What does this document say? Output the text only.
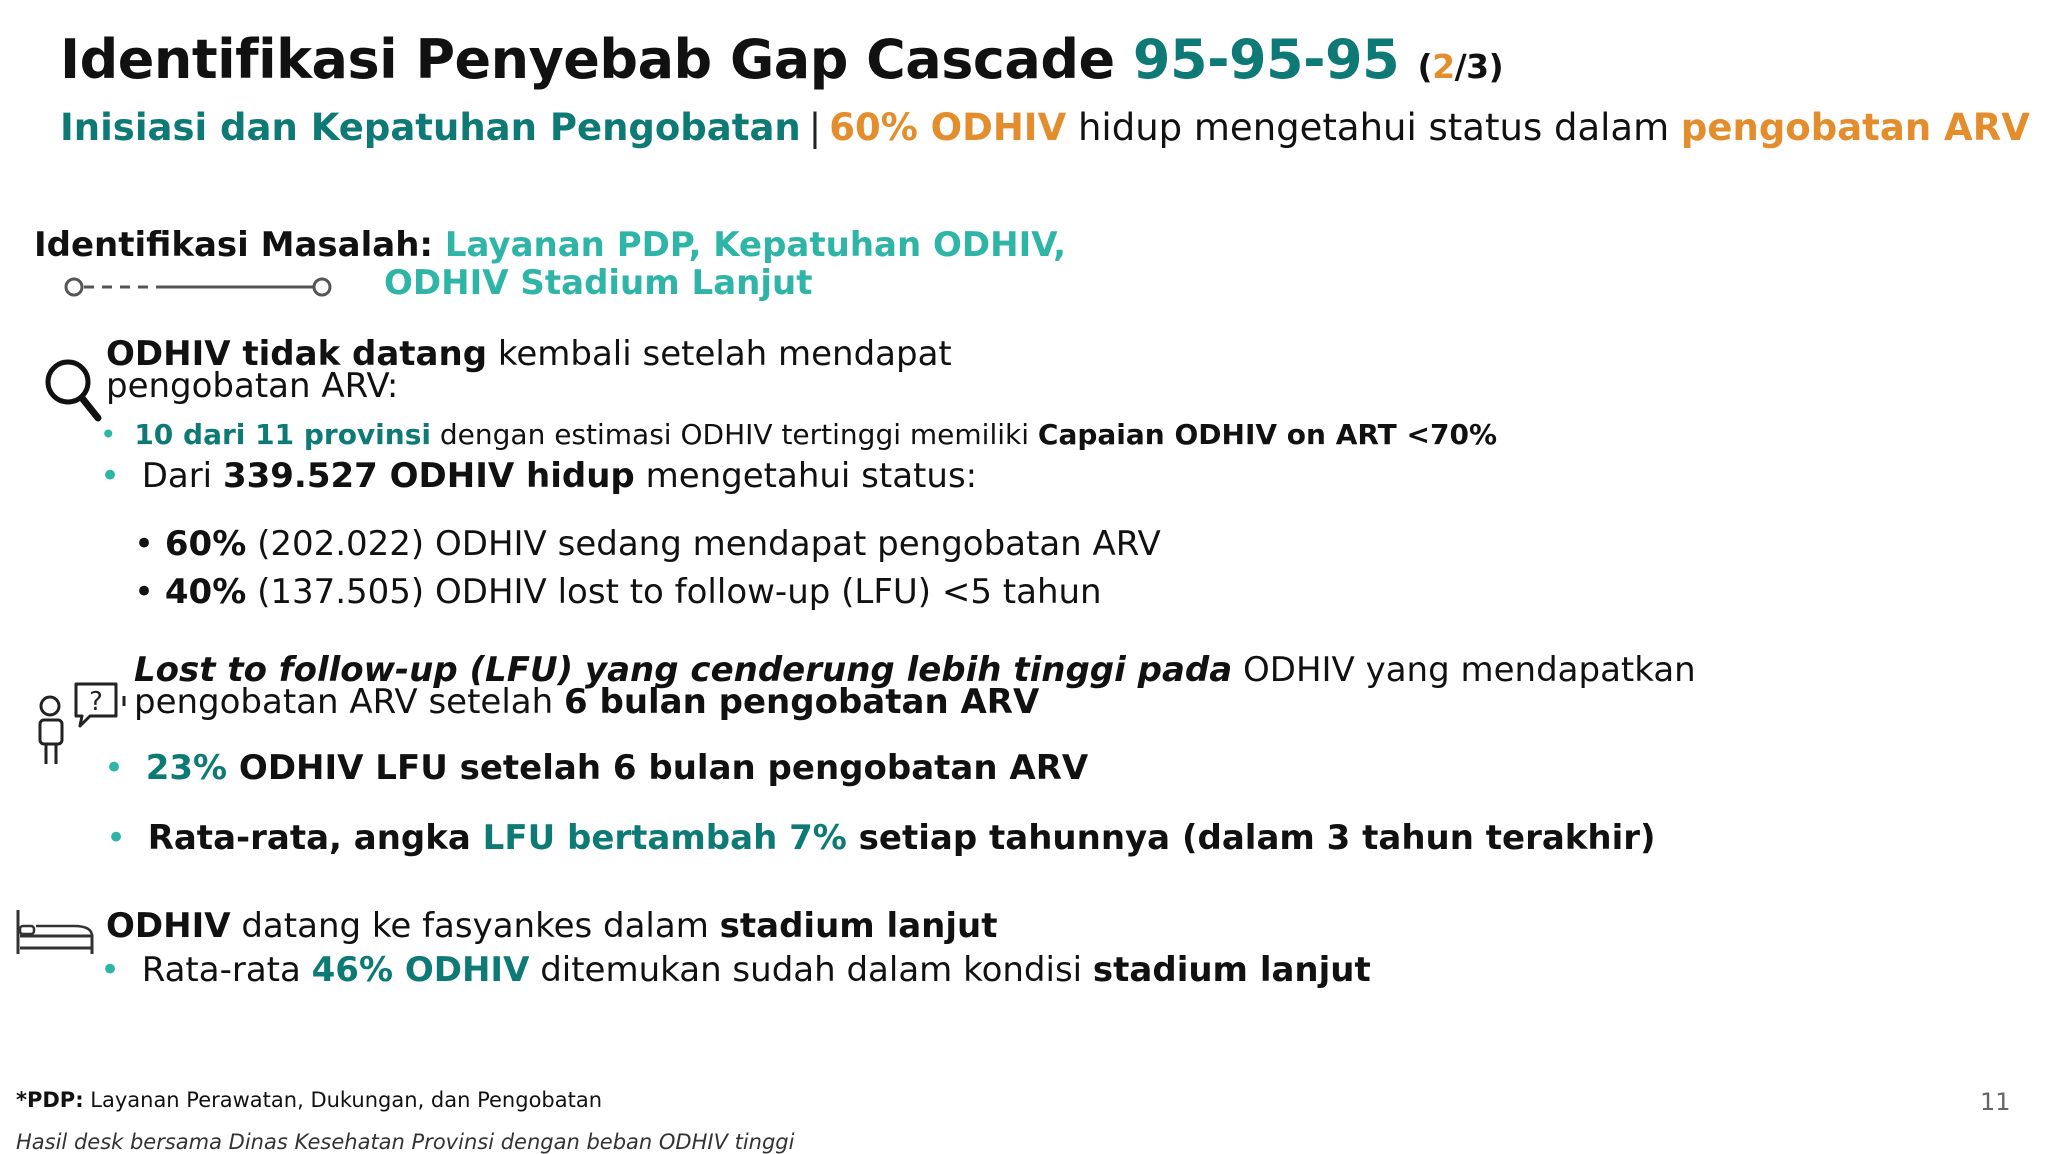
Identifikasi Penyebab Gap Cascade 95-95-95 (2/3)
Inisiasi dan Kepatuhan Pengobatan | 60% ODHIV hidup mengetahui status dalam pengobatan ARV
Identifikasi Masalah: Layanan PDP, Kepatuhan ODHIV,
ODHIV Stadium Lanjut
ODHIV tidak datang kembali setelah mendapat
pengobatan ARV:
• 10 dari 11 provinsi dengan estimasi ODHIV tertinggi memiliki Capaian ODHIV on ART <70%
• Dari 339.527 ODHIV hidup mengetahui status:
• 60% (202.022) ODHIV sedang mendapat pengobatan ARV
• 40% (137.505) ODHIV lost to follow-up (LFU) <5 tahun
?
Lost to follow-up (LFU) yang cenderung lebih tinggi pada ODHIV yang mendapatkan
pengobatan ARV setelah 6 bulan pengobatan ARV
• 23% ODHIV LFU setelah 6 bulan pengobatan ARV
• Rata-rata, angka LFU bertambah 7% setiap tahunnya (dalam 3 tahun terakhir)
ODHIV datang ke fasyankes dalam stadium lanjut
• Rata-rata 46% ODHIV ditemukan sudah dalam kondisi stadium lanjut
*PDP: Layanan Perawatan, Dukungan, dan Pengobatan
Hasil desk bersama Dinas Kesehatan Provinsi dengan beban ODHIV tinggi
11
